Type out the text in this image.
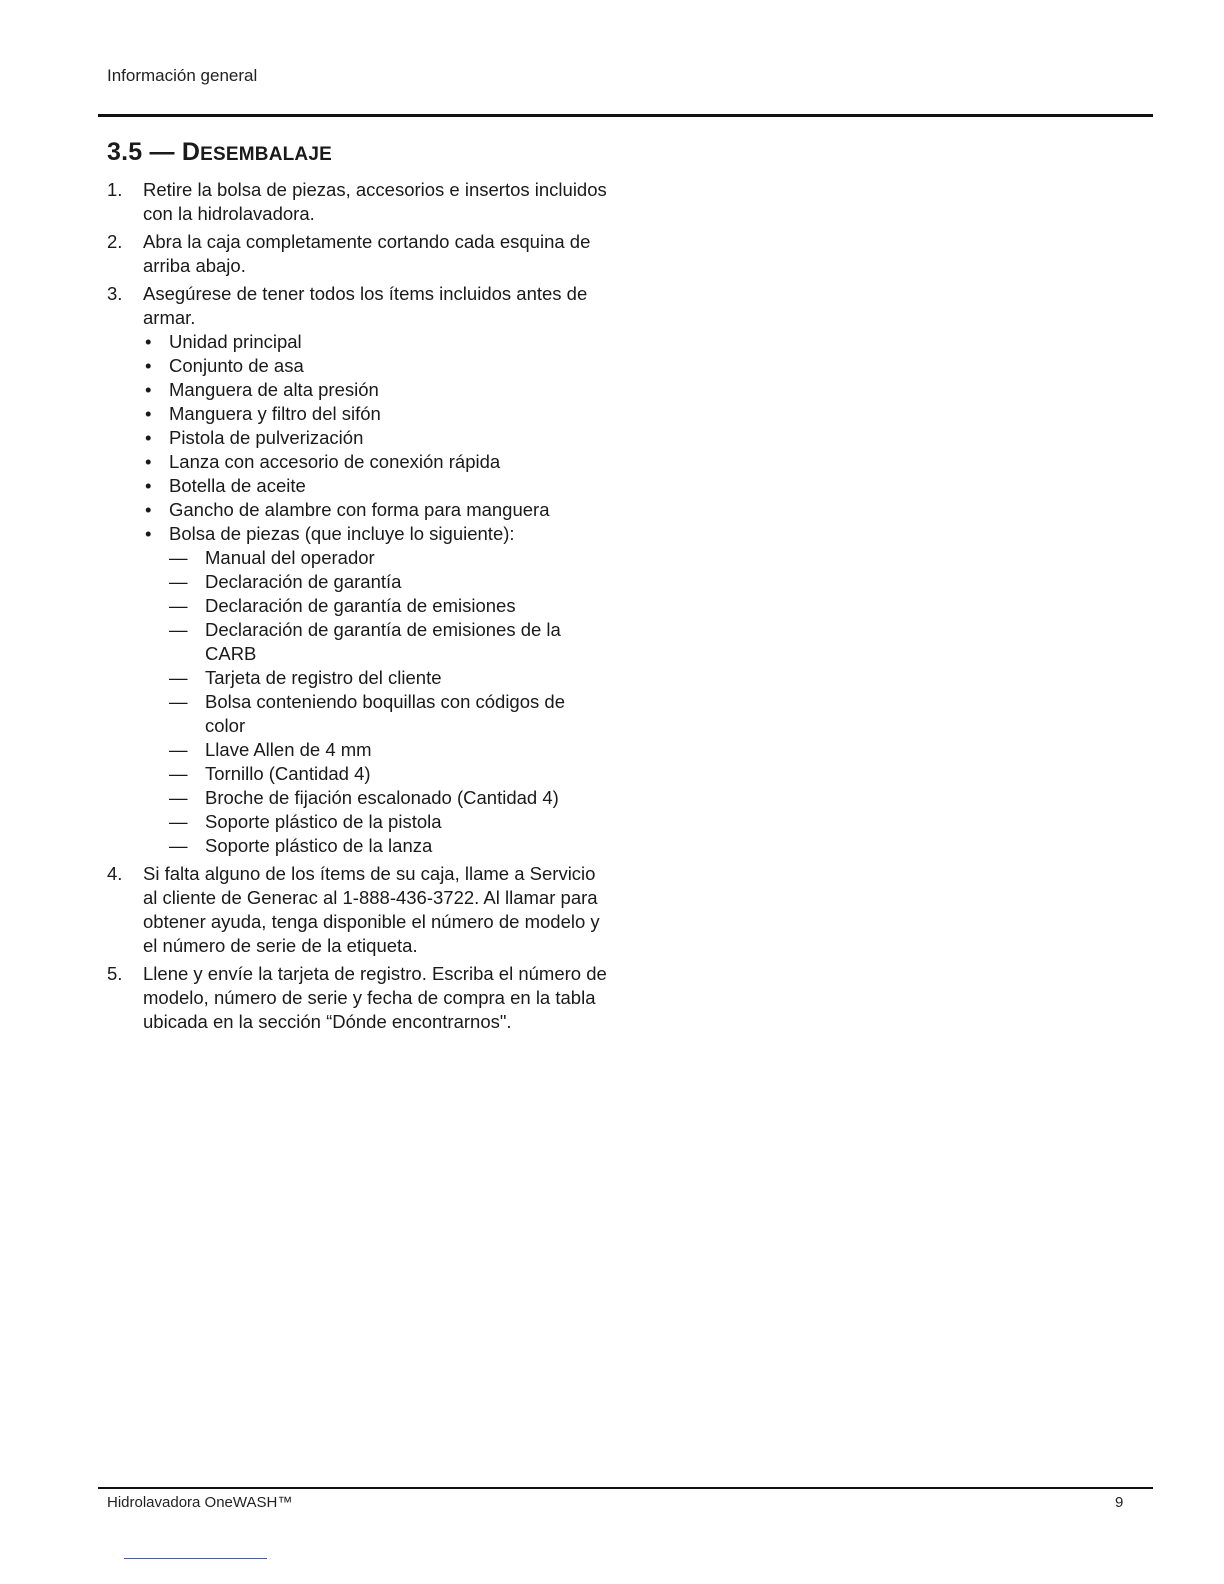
Información general
3.5 — DESEMBALAJE
1. Retire la bolsa de piezas, accesorios e insertos incluidos con la hidrolavadora.
2. Abra la caja completamente cortando cada esquina de arriba abajo.
3. Asegúrese de tener todos los ítems incluidos antes de armar.
• Unidad principal
• Conjunto de asa
• Manguera de alta presión
• Manguera y filtro del sifón
• Pistola de pulverización
• Lanza con accesorio de conexión rápida
• Botella de aceite
• Gancho de alambre con forma para manguera
• Bolsa de piezas (que incluye lo siguiente):
— Manual del operador
— Declaración de garantía
— Declaración de garantía de emisiones
— Declaración de garantía de emisiones de la CARB
— Tarjeta de registro del cliente
— Bolsa conteniendo boquillas con códigos de color
— Llave Allen de 4 mm
— Tornillo (Cantidad 4)
— Broche de fijación escalonado (Cantidad 4)
— Soporte plástico de la pistola
— Soporte plástico de la lanza
4. Si falta alguno de los ítems de su caja, llame a Servicio al cliente de Generac al 1-888-436-3722. Al llamar para obtener ayuda, tenga disponible el número de modelo y el número de serie de la etiqueta.
5. Llene y envíe la tarjeta de registro. Escriba el número de modelo, número de serie y fecha de compra en la tabla ubicada en la sección “Dónde encontrarnos".
Hidrolavadora OneWASH™	9
